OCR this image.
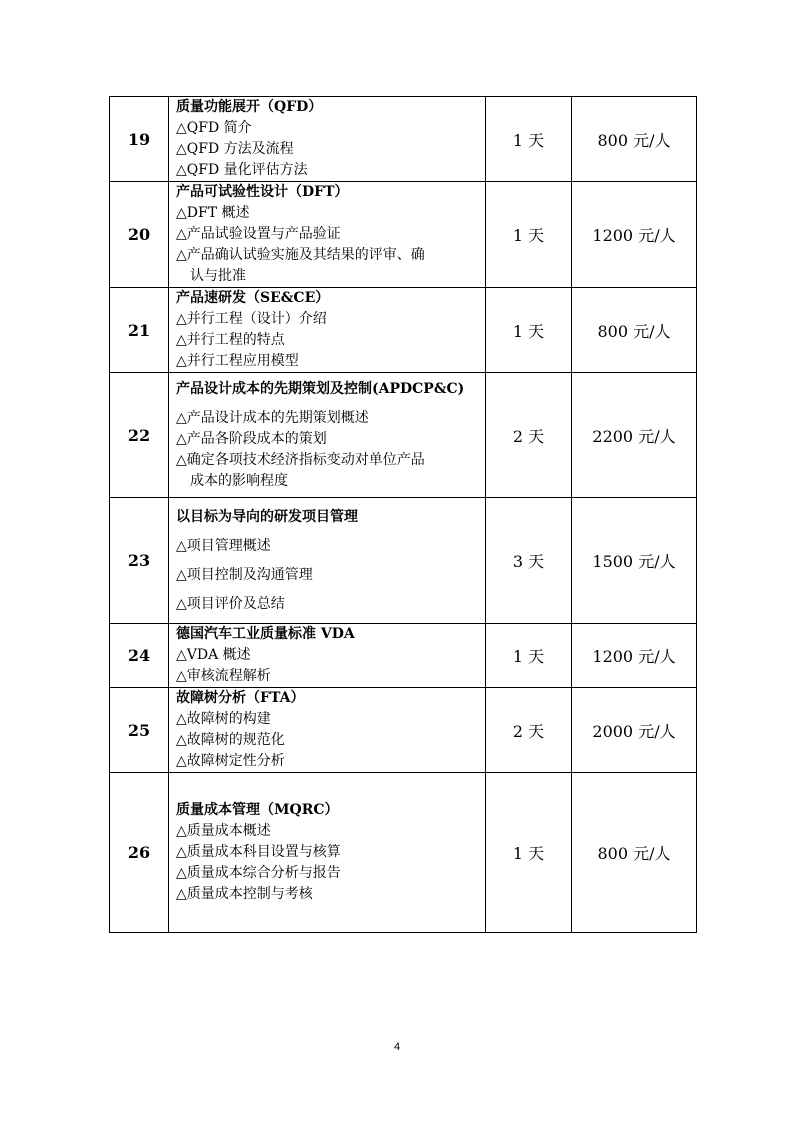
19	质量功能展开（QFD）
△QFD 简介
△QFD 方法及流程
△QFD 量化评估方法	1 天	800 元/人
20	产品可试验性设计（DFT）
△DFT 概述
△产品试验设置与产品验证
△产品确认试验实施及其结果的评审、确
认与批准	1 天	1200 元/人
21	产品速研发（SE&CE）
△并行工程（设计）介绍
△并行工程的特点
△并行工程应用模型	1 天	800 元/人
22	产品设计成本的先期策划及控制(APDCP&C)
△产品设计成本的先期策划概述
△产品各阶段成本的策划
△确定各项技术经济指标变动对单位产品
成本的影响程度	2 天	2200 元/人
23	以目标为导向的研发项目管理
△项目管理概述
△项目控制及沟通管理
△项目评价及总结	3 天	1500 元/人
24	德国汽车工业质量标准 VDA
△VDA 概述
△审核流程解析	1 天	1200 元/人
25	故障树分析（FTA）
△故障树的构建
△故障树的规范化
△故障树定性分析	2 天	2000 元/人
26	质量成本管理（MQRC）
△质量成本概述
△质量成本科目设置与核算
△质量成本综合分析与报告
△质量成本控制与考核	1 天	800 元/人
4
